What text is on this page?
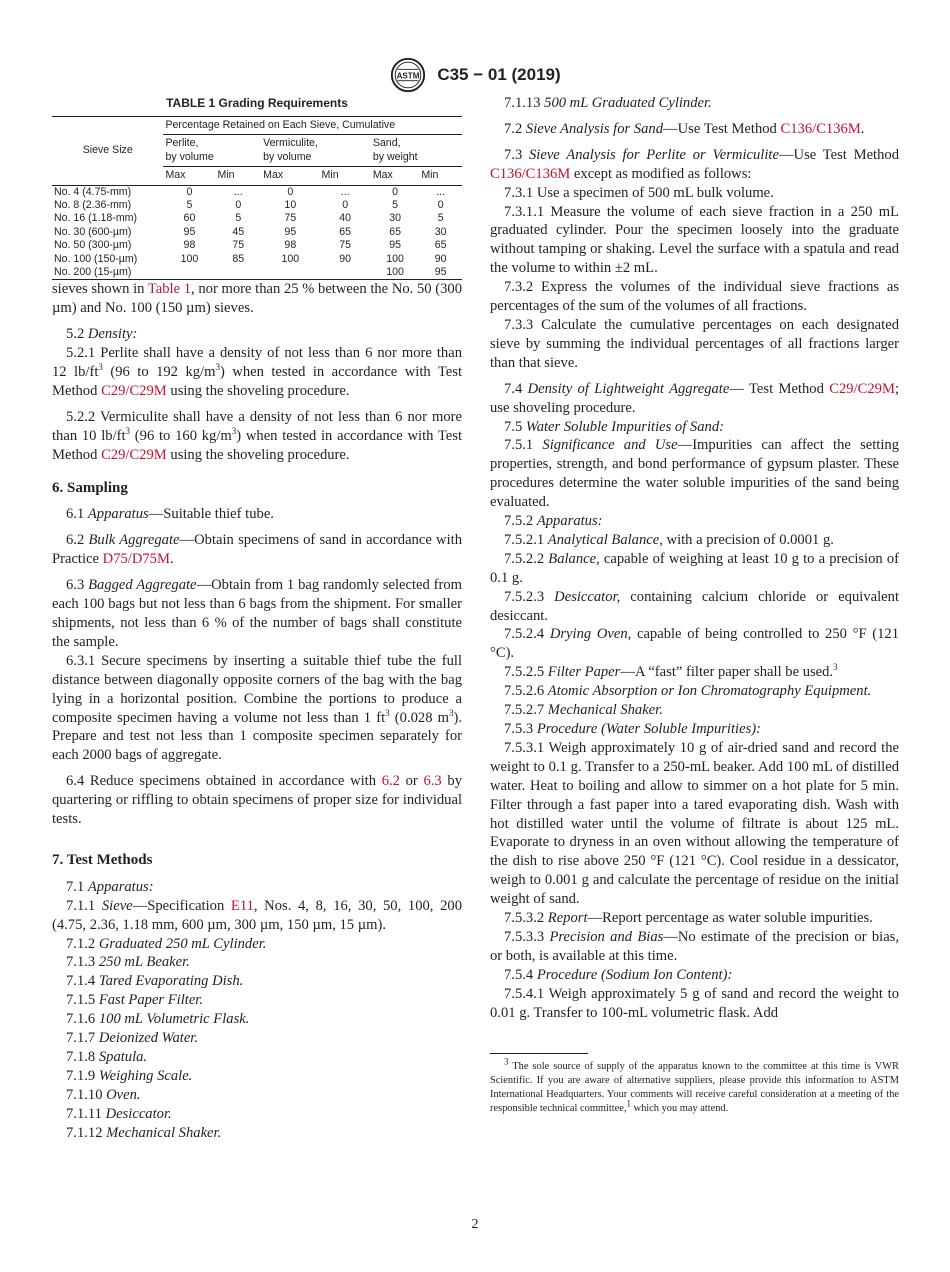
ASTM C35 − 01 (2019)
TABLE 1 Grading Requirements
Sieve Size	Percentage Retained on Each Sieve, Cumulative					
	Perlite,
by volume		Vermiculite,
by volume		Sand,
by weight	
	Max	Min	Max	Min	Max	Min
No. 4 (4.75-mm)	0	...	0	...	0	...
No. 8 (2.36-mm)	5	0	10	0	5	0
No. 16 (1.18-mm)	60	5	75	40	30	5
No. 30 (600-µm)	95	45	95	65	65	30
No. 50 (300-µm)	98	75	98	75	95	65
No. 100 (150-µm)	100	85	100	90	100	90
No. 200 (15-µm)					100	95

sieves shown in Table 1, nor more than 25 % between the No. 50 (300 µm) and No. 100 (150 µm) sieves.

5.2 Density:

5.2.1 Perlite shall have a density of not less than 6 nor more than 12 $lb/ft^3$ (96 to 192 $kg/m^3$) when tested in accordance with Test Method C29/C29M using the shoveling procedure.

5.2.2 Vermiculite shall have a density of not less than 6 nor more than 10 $lb/ft^3$ (96 to 160 $kg/m^3$) when tested in accordance with Test Method C29/C29M using the shoveling procedure.

6. Sampling

6.1 Apparatus—Suitable thief tube.

6.2 Bulk Aggregate—Obtain specimens of sand in accordance with Practice D75/D75M.

6.3 Bagged Aggregate—Obtain from 1 bag randomly selected from each 100 bags but not less than 6 bags from the shipment. For smaller shipments, not less than 6 % of the number of bags shall constitute the sample.

6.3.1 Secure specimens by inserting a suitable thief tube the full distance between diagonally opposite corners of the bag with the bag lying in a horizontal position. Combine the portions to produce a composite specimen having a volume not less than 1 $ft^3$ (0.028 $m^3$). Prepare and test not less than 1 composite specimen separately for each 2000 bags of aggregate.

6.4 Reduce specimens obtained in accordance with 6.2 or 6.3 by quartering or riffling to obtain specimens of proper size for individual tests.

7. Test Methods

7.1 Apparatus:

7.1.1 Sieve—Specification E11, Nos. 4, 8, 16, 30, 50, 100, 200 (4.75, 2.36, 1.18 mm, 600 µm, 300 µm, 150 µm, 15 µm).

7.1.2 Graduated 250 mL Cylinder.

7.1.3 250 mL Beaker.

7.1.4 Tared Evaporating Dish.

7.1.5 Fast Paper Filter.

7.1.6 100 mL Volumetric Flask.

7.1.7 Deionized Water.

7.1.8 Spatula.

7.1.9 Weighing Scale.

7.1.10 Oven.

7.1.11 Desiccator.

7.1.12 Mechanical Shaker.

7.1.13 500 mL Graduated Cylinder.

7.2 Sieve Analysis for Sand—Use Test Method C136/C136M.

7.3 Sieve Analysis for Perlite or Vermiculite—Use Test Method C136/C136M except as modified as follows:

7.3.1 Use a specimen of 500 mL bulk volume.

7.3.1.1 Measure the volume of each sieve fraction in a 250 mL graduated cylinder. Pour the specimen loosely into the graduate without tamping or shaking. Level the surface with a spatula and read the volume to within ±2 mL.

7.3.2 Express the volumes of the individual sieve fractions as percentages of the sum of the volumes of all fractions.

7.3.3 Calculate the cumulative percentages on each designated sieve by summing the individual percentages of all fractions larger than that sieve.

7.4 Density of Lightweight Aggregate— Test Method C29/C29M; use shoveling procedure.

7.5 Water Soluble Impurities of Sand:

7.5.1 Significance and Use—Impurities can affect the setting properties, strength, and bond performance of gypsum plaster. These procedures determine the water soluble impurities of the sand being evaluated.

7.5.2 Apparatus:

7.5.2.1 Analytical Balance, with a precision of 0.0001 g.

7.5.2.2 Balance, capable of weighing at least 10 g to a precision of 0.1 g.

7.5.2.3 Desiccator, containing calcium chloride or equivalent desiccant.

7.5.2.4 Drying Oven, capable of being controlled to 250 °F (121 °C).

7.5.2.5 Filter Paper—A “fast” filter paper shall be used.$^3$

7.5.2.6 Atomic Absorption or Ion Chromatography Equipment.

7.5.2.7 Mechanical Shaker.

7.5.3 Procedure (Water Soluble Impurities):

7.5.3.1 Weigh approximately 10 g of air-dried sand and record the weight to 0.1 g. Transfer to a 250-mL beaker. Add 100 mL of distilled water. Heat to boiling and allow to simmer on a hot plate for 5 min. Filter through a fast paper into a tared evaporating dish. Wash with hot distilled water until the volume of filtrate is about 125 mL. Evaporate to dryness in an oven without allowing the temperature of the dish to rise above 250 °F (121 °C). Cool residue in a dessicator, weigh to 0.001 g and calculate the percentage of residue on the initial weight of sand.

7.5.3.2 Report—Report percentage as water soluble impurities.

7.5.3.3 Precision and Bias—No estimate of the precision or bias, or both, is available at this time.

7.5.4 Procedure (Sodium Ion Content):

7.5.4.1 Weigh approximately 5 g of sand and record the weight to 0.01 g. Transfer to 100-mL volumetric flask. Add

$^3$ The sole source of supply of the apparatus known to the committee at this time is VWR Scientific. If you are aware of alternative suppliers, please provide this information to ASTM International Headquarters. Your comments will receive careful consideration at a meeting of the responsible technical committee,$^1$ which you may attend.

2
